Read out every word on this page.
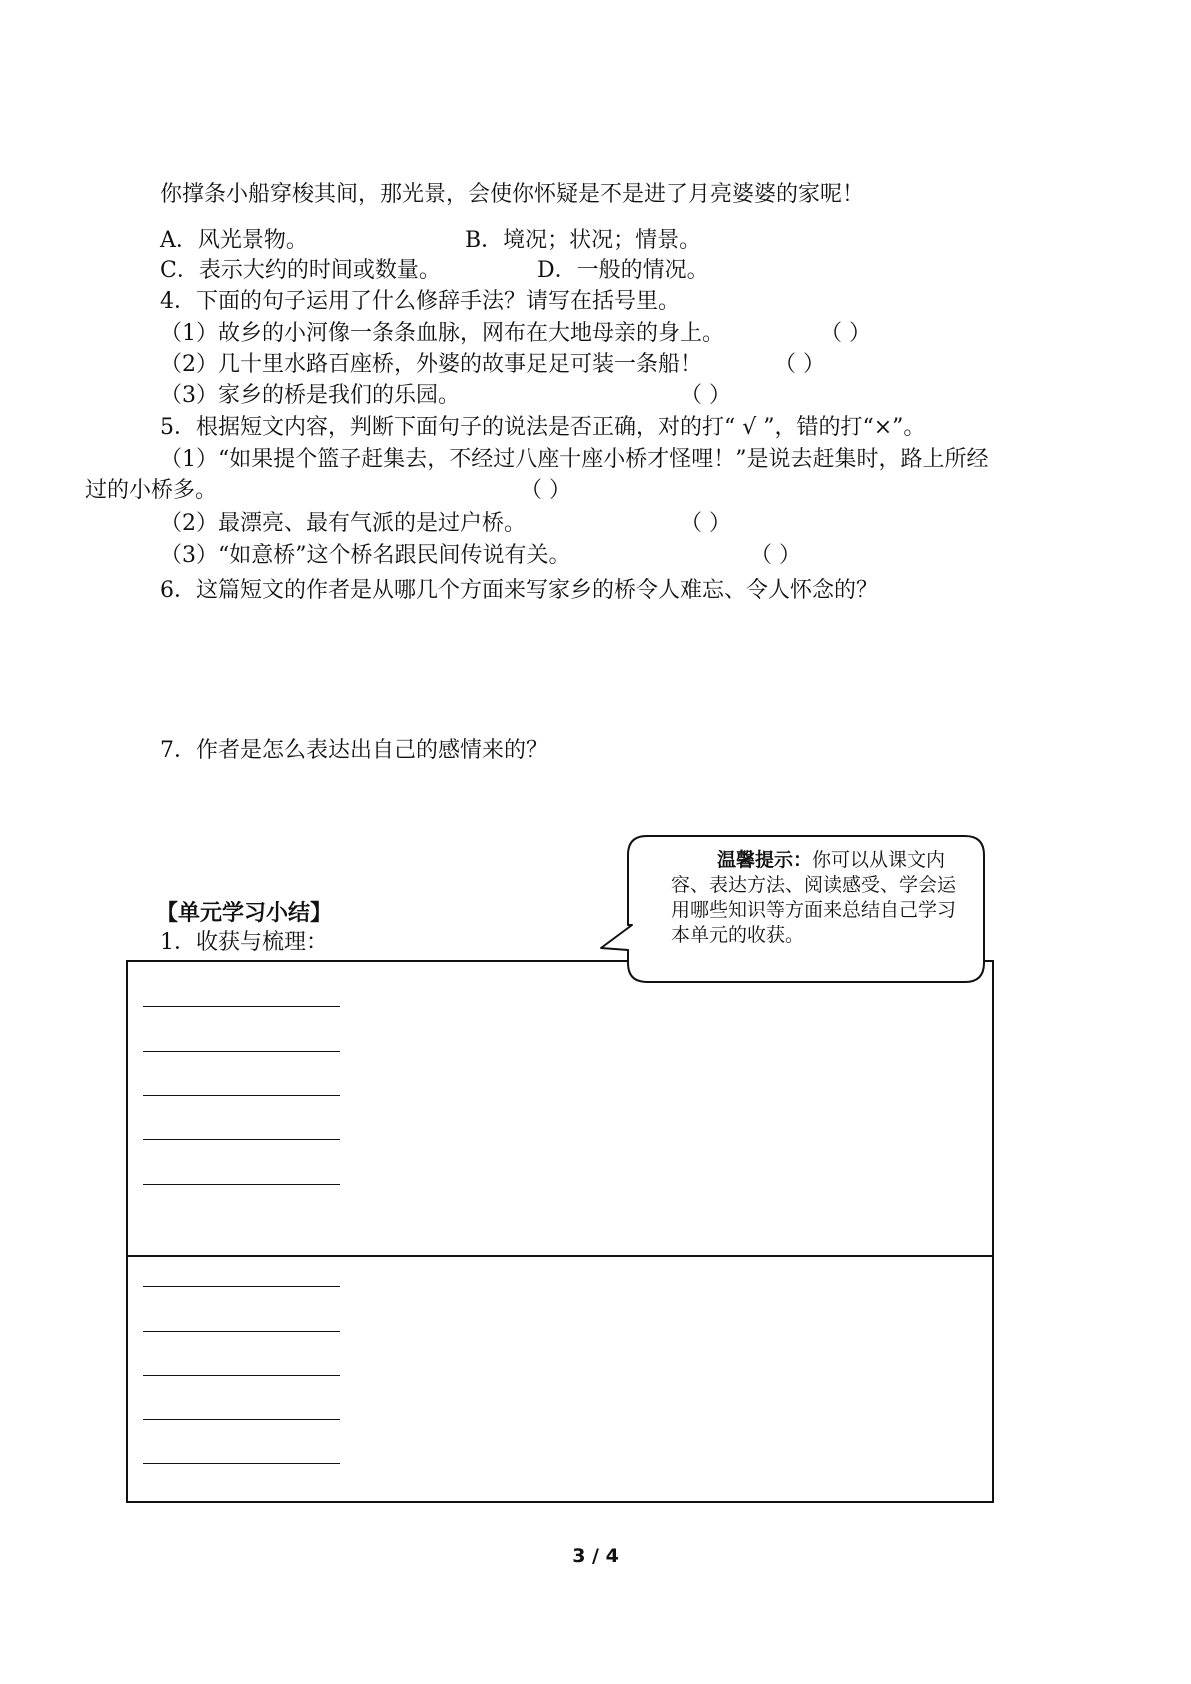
你撑条小船穿梭其间，那光景，会使你怀疑是不是进了月亮婆婆的家呢！
A．风光景物。	B．境况；状况；情景。
C．表示大约的时间或数量。	D．一般的情况。
4．下面的句子运用了什么修辞手法？请写在括号里。
（1）故乡的小河像一条条血脉，网布在大地母亲的身上。	（ ）
（2）几十里水路百座桥，外婆的故事足足可装一条船！	（ ）
（3）家乡的桥是我们的乐园。	（ ）
5．根据短文内容，判断下面句子的说法是否正确，对的打“ √ ”，错的打“×”。
（1）“如果提个篮子赶集去，不经过八座十座小桥才怪哩！”是说去赶集时，路上所经
过的小桥多。	（ ）
（2）最漂亮、最有气派的是过户桥。	（ ）
（3）“如意桥”这个桥名跟民间传说有关。	（ ）
6．这篇短文的作者是从哪几个方面来写家乡的桥令人难忘、令人怀念的？
7．作者是怎么表达出自己的感情来的？
【单元学习小结】
1．收获与梳理：
温馨提示：你可以从课文内容、表达方法、阅读感受、学会运用哪些知识等方面来总结自己学习本单元的收获。
3 / 4
